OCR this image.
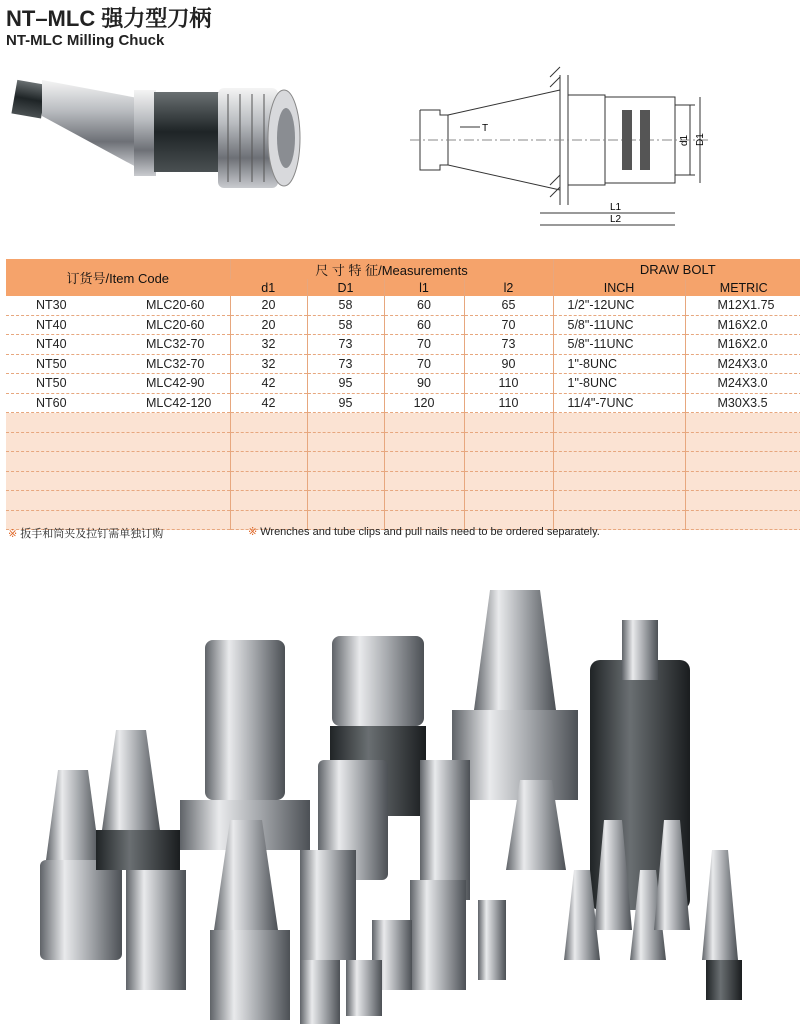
NT–MLC 强力型刀柄
NT-MLC Milling Chuck
T
d1 D1
L1
L2
订货号/Item Code	尺 寸 特 征/Measurements				DRAW BOLT	
	d1	D1	l1	l2	INCH	METRIC
NT30 MLC20-60	20	58	60	65	1/2"-12UNC	M12X1.75
NT40 MLC20-60	20	58	60	70	5/8"-11UNC	M16X2.0
NT40 MLC32-70	32	73	70	73	5/8"-11UNC	M16X2.0
NT50 MLC32-70	32	73	70	90	1"-8UNC	M24X3.0
NT50 MLC42-90	42	95	90	110	1"-8UNC	M24X3.0
NT60 MLC42-120	42	95	120	110	11/4"-7UNC	M30X3.5

※ 扳手和筒夹及拉钉需单独订购	※ Wrenches and tube clips and pull nails need to be ordered separately.
